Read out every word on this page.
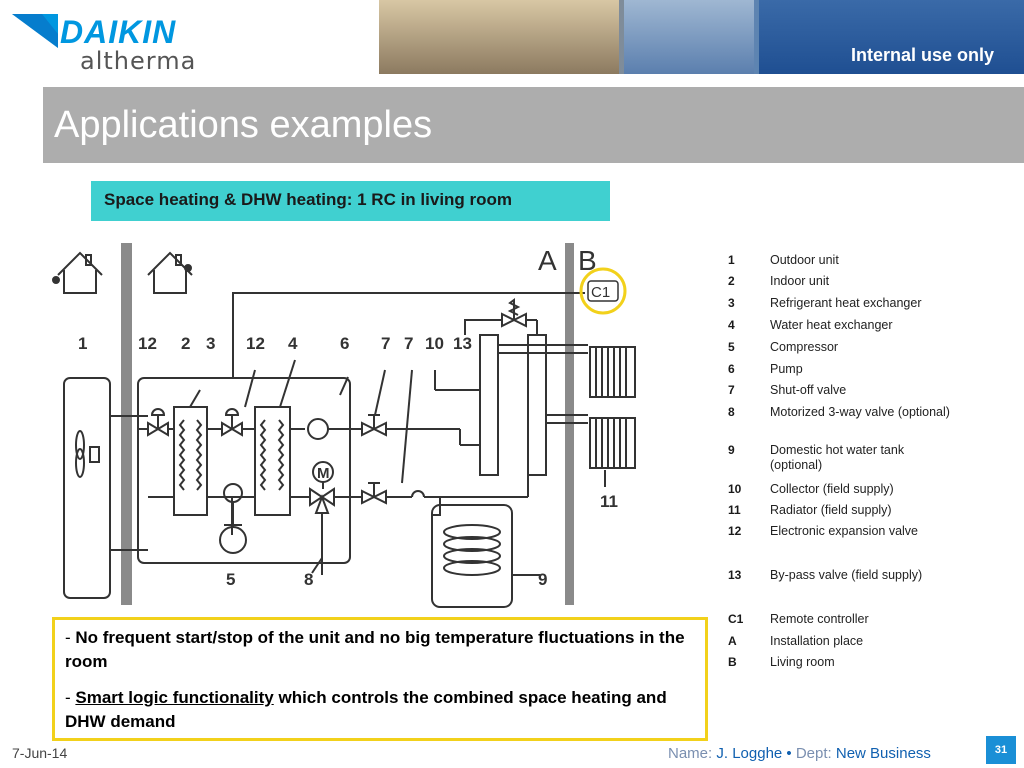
DAIKIN
altherma	Internal use only
Applications examples
Space heating & DHW heating: 1 RC in living room
M
C1
A B
1	12 2 3 12 4	6 7 7 10 13
5	8	9
11
1	Outdoor unit
2	Indoor unit
3	Refrigerant heat exchanger
4	Water heat exchanger
5	Compressor
6	Pump
7	Shut-off valve
8	Motorized 3-way valve (optional)
9	Domestic hot water tank (optional)
10 Collector (field supply)
11 Radiator (field supply)
12 Electronic expansion valve
13 By-pass valve (field supply)
C1 Remote controller
A	Installation place
B	Living room
- No frequent start/stop of the unit and no big temperature fluctuations in the room
- Smart logic functionality which controls the combined space heating and DHW demand
7-Jun-14	Name: J. Logghe • Dept: New Business	31
